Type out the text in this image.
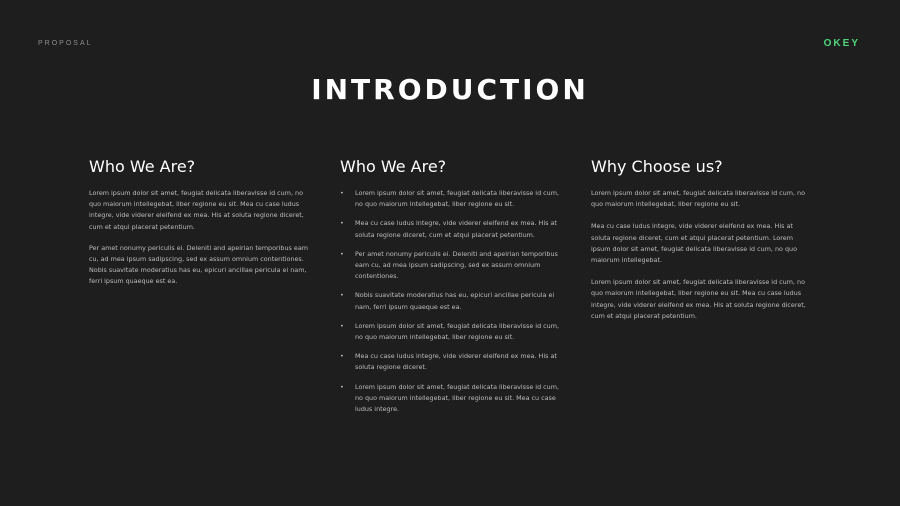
PROPOSAL	OKEY
INTRODUCTION
Who We Are?

Lorem ipsum dolor sit amet, feugiat delicata liberavisse id cum, no quo maiorum intellegebat, liber regione eu sit. Mea cu case ludus integre, vide viderer eleifend ex mea. His at soluta regione diceret, cum et atqui placerat petentium.

Per amet nonumy periculis ei. Deleniti and apeirian temporibus eam cu, ad mea ipsum sadipscing, sed ex assum omnium contentiones. Nobis suavitate moderatius has eu, epicuri ancillae pericula ei nam, ferri ipsum quaeque est ea.

Who We Are?
• Lorem ipsum dolor sit amet, feugiat delicata liberavisse id cum, no quo maiorum intellegebat, liber regione eu sit.
• Mea cu case ludus integre, vide viderer eleifend ex mea. His at soluta regione diceret, cum et atqui placerat petentium.
• Per amet nonumy periculis ei. Deleniti and apeirian temporibus eam cu, ad mea ipsum sadipscing, sed ex assum omnium contentiones.
• Nobis suavitate moderatius has eu, epicuri ancillae pericula ei nam, ferri ipsum quaeque est ea.
• Lorem ipsum dolor sit amet, feugiat delicata liberavisse id cum, no quo maiorum intellegebat, liber regione eu sit.
• Mea cu case ludus integre, vide viderer eleifend ex mea. His at soluta regione diceret.
• Lorem ipsum dolor sit amet, feugiat delicata liberavisse id cum, no quo maiorum intellegebat, liber regione eu sit. Mea cu case ludus integre.
Why Choose us?

Lorem ipsum dolor sit amet, feugiat delicata liberavisse id cum, no quo maiorum intellegebat, liber regione eu sit.

Mea cu case ludus integre, vide viderer eleifend ex mea. His at soluta regione diceret, cum et atqui placerat petentium. Lorem ipsum dolor sit amet, feugiat delicata liberavisse id cum, no quo maiorum intellegebat.

Lorem ipsum dolor sit amet, feugiat delicata liberavisse id cum, no quo maiorum intellegebat, liber regione eu sit. Mea cu case ludus integre, vide viderer eleifend ex mea. His at soluta regione diceret, cum et atqui placerat petentium.
